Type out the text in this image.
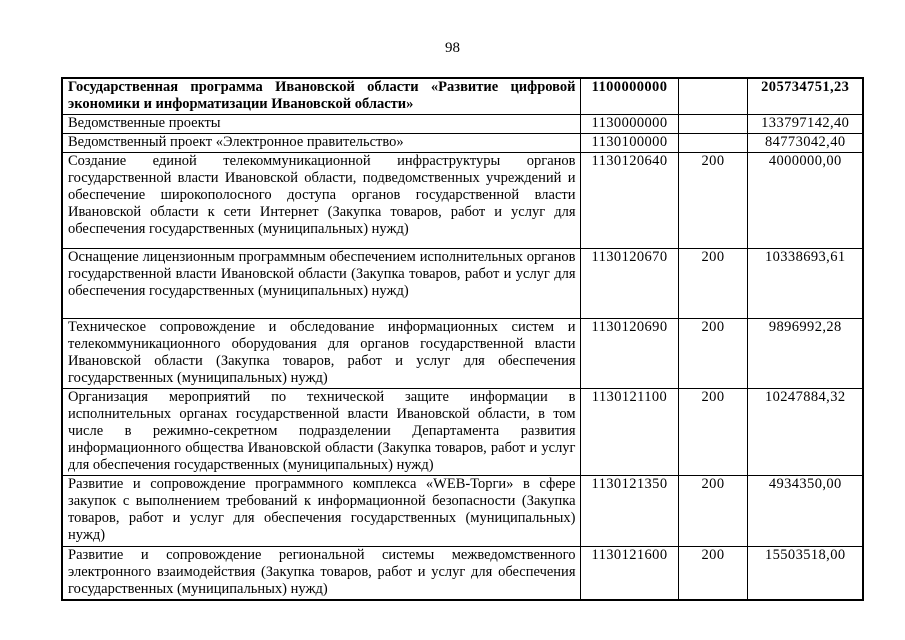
98
Государственная программа Ивановской области «Развитие цифровой экономики и информатизации Ивановской области»	1100000000		205734751,23
Ведомственные проекты	1130000000		133797142,40
Ведомственный проект «Электронное правительство»	1130100000		84773042,40
Создание единой телекоммуникационной инфраструктуры органов государственной власти Ивановской области, подведомственных учреждений и обеспечение широкополосного доступа органов государственной власти Ивановской области к сети Интернет (Закупка товаров, работ и услуг для обеспечения государственных (муниципальных) нужд)	1130120640	200	4000000,00
Оснащение лицензионным программным обеспечением исполнительных органов государственной власти Ивановской области (Закупка товаров, работ и услуг для обеспечения государственных (муниципальных) нужд)	1130120670	200	10338693,61
Техническое сопровождение и обследование информационных систем и телекоммуникационного оборудования для органов государственной власти Ивановской области (Закупка товаров, работ и услуг для обеспечения государственных (муниципальных) нужд)	1130120690	200	9896992,28
Организация мероприятий по технической защите информации в исполнительных органах государственной власти Ивановской области, в том числе в режимно-секретном подразделении Департамента развития информационного общества Ивановской области (Закупка товаров, работ и услуг для обеспечения государственных (муниципальных) нужд)	1130121100	200	10247884,32
Развитие и сопровождение программного комплекса «WEB-Торги» в сфере закупок с выполнением требований к информационной безопасности (Закупка товаров, работ и услуг для обеспечения государственных (муниципальных) нужд)	1130121350	200	4934350,00
Развитие и сопровождение региональной системы межведомственного электронного взаимодействия (Закупка товаров, работ и услуг для обеспечения государственных (муниципальных) нужд)	1130121600	200	15503518,00
